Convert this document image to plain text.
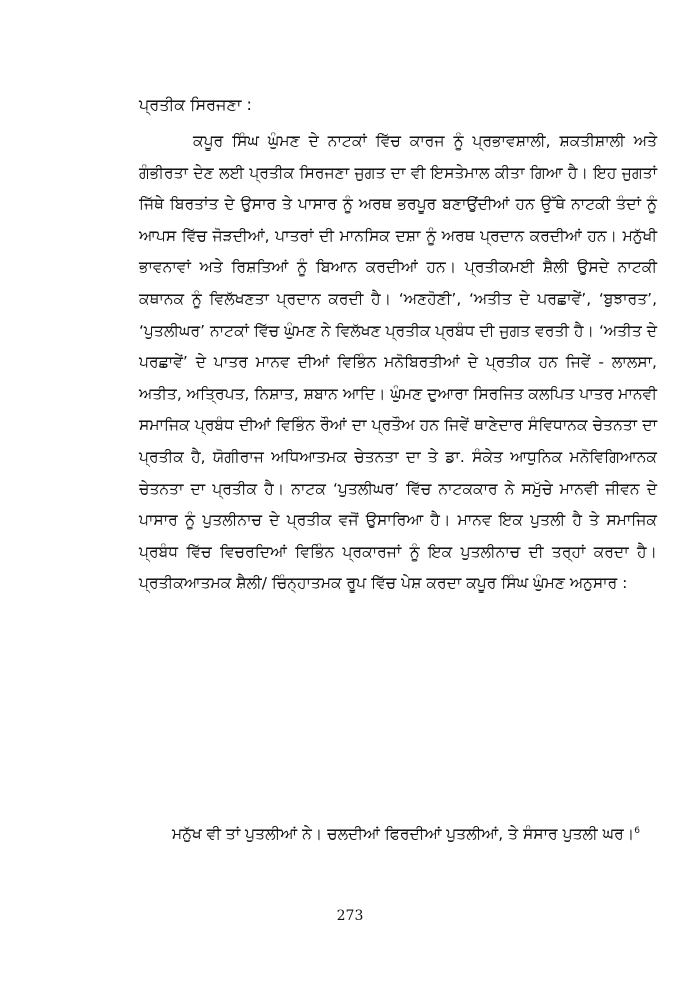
ਪ੍ਰਤੀਕ ਸਿਰਜਣਾ :

ਕਪੂਰ ਸਿੰਘ ਘੁੰਮਣ ਦੇ ਨਾਟਕਾਂ ਵਿੱਚ ਕਾਰਜ ਨੂੰ ਪ੍ਰਭਾਵਸ਼ਾਲੀ, ਸ਼ਕਤੀਸ਼ਾਲੀ ਅਤੇ ਗੰਭੀਰਤਾ ਦੇਣ ਲਈ ਪ੍ਰਤੀਕ ਸਿਰਜਣਾ ਜੁਗਤ ਦਾ ਵੀ ਇਸਤੇਮਾਲ ਕੀਤਾ ਗਿਆ ਹੈ। ਇਹ ਜੁਗਤਾਂ ਜਿੱਥੇ ਬਿਰਤਾਂਤ ਦੇ ਉਸਾਰ ਤੇ ਪਾਸਾਰ ਨੂੰ ਅਰਥ ਭਰਪੂਰ ਬਣਾਉਂਦੀਆਂ ਹਨ ਉੱਥੇ ਨਾਟਕੀ ਤੰਦਾਂ ਨੂੰ ਆਪਸ ਵਿੱਚ ਜੋੜਦੀਆਂ, ਪਾਤਰਾਂ ਦੀ ਮਾਨਸਿਕ ਦਸ਼ਾ ਨੂੰ ਅਰਥ ਪ੍ਰਦਾਨ ਕਰਦੀਆਂ ਹਨ। ਮਨੁੱਖੀ ਭਾਵਨਾਵਾਂ ਅਤੇ ਰਿਸ਼ਤਿਆਂ ਨੂੰ ਬਿਆਨ ਕਰਦੀਆਂ ਹਨ। ਪ੍ਰਤੀਕਮਈ ਸ਼ੈਲੀ ਉਸਦੇ ਨਾਟਕੀ ਕਥਾਨਕ ਨੂੰ ਵਿਲੱਖਣਤਾ ਪ੍ਰਦਾਨ ਕਰਦੀ ਹੈ। ‘ਅਣਹੋਣੀ’, ‘ਅਤੀਤ ਦੇ ਪਰਛਾਵੇਂ’, ‘ਬੁਝਾਰਤ’, ‘ਪੁਤਲੀਘਰ’ ਨਾਟਕਾਂ ਵਿੱਚ ਘੁੰਮਣ ਨੇ ਵਿਲੱਖਣ ਪ੍ਰਤੀਕ ਪ੍ਰਬੰਧ ਦੀ ਜੁਗਤ ਵਰਤੀ ਹੈ। ‘ਅਤੀਤ ਦੇ ਪਰਛਾਵੇਂ’ ਦੇ ਪਾਤਰ ਮਾਨਵ ਦੀਆਂ ਵਿਭਿੰਨ ਮਨੋਬਿਰਤੀਆਂ ਦੇ ਪ੍ਰਤੀਕ ਹਨ ਜਿਵੇਂ - ਲਾਲਸਾ, ਅਤੀਤ, ਅਤ੍ਰਿਪਤ, ਨਿਸ਼ਾਤ, ਸ਼ਬਾਨ ਆਦਿ। ਘੁੰਮਣ ਦੁਆਰਾ ਸਿਰਜਿਤ ਕਲਪਿਤ ਪਾਤਰ ਮਾਨਵੀ ਸਮਾਜਿਕ ਪ੍ਰਬੰਧ ਦੀਆਂ ਵਿਭਿੰਨ ਰੌਆਂ ਦਾ ਪ੍ਰਤੌਅ ਹਨ ਜਿਵੇਂ ਥਾਣੇਦਾਰ ਸੰਵਿਧਾਨਕ ਚੇਤਨਤਾ ਦਾ ਪ੍ਰਤੀਕ ਹੈ, ਯੋਗੀਰਾਜ ਅਧਿਆਤਮਕ ਚੇਤਨਤਾ ਦਾ ਤੇ ਡਾ. ਸੰਕੇਤ ਆਧੁਨਿਕ ਮਨੋਵਿਗਿਆਨਕ ਚੇਤਨਤਾ ਦਾ ਪ੍ਰਤੀਕ ਹੈ। ਨਾਟਕ ‘ਪੁਤਲੀਘਰ’ ਵਿੱਚ ਨਾਟਕਕਾਰ ਨੇ ਸਮੁੱਚੇ ਮਾਨਵੀ ਜੀਵਨ ਦੇ ਪਾਸਾਰ ਨੂੰ ਪੁਤਲੀਨਾਚ ਦੇ ਪ੍ਰਤੀਕ ਵਜੋਂ ਉਸਾਰਿਆ ਹੈ। ਮਾਨਵ ਇਕ ਪੁਤਲੀ ਹੈ ਤੇ ਸਮਾਜਿਕ ਪ੍ਰਬੰਧ ਵਿੱਚ ਵਿਚਰਦਿਆਂ ਵਿਭਿੰਨ ਪ੍ਰਕਾਰਜਾਂ ਨੂੰ ਇਕ ਪੁਤਲੀਨਾਚ ਦੀ ਤਰ੍ਹਾਂ ਕਰਦਾ ਹੈ। ਪ੍ਰਤੀਕਆਤਮਕ ਸ਼ੈਲੀ/ ਚਿੰਨ੍ਹਾਤਮਕ ਰੂਪ ਵਿੱਚ ਪੇਸ਼ ਕਰਦਾ ਕਪੂਰ ਸਿੰਘ ਘੁੰਮਣ ਅਨੁਸਾਰ :

ਮਨੁੱਖ ਵੀ ਤਾਂ ਪੁਤਲੀਆਂ ਨੇ। ਚਲਦੀਆਂ ਫਿਰਦੀਆਂ ਪੁਤਲੀਆਂ, ਤੇ ਸੰਸਾਰ ਪੁਤਲੀ ਘਰ।$^6$

273
